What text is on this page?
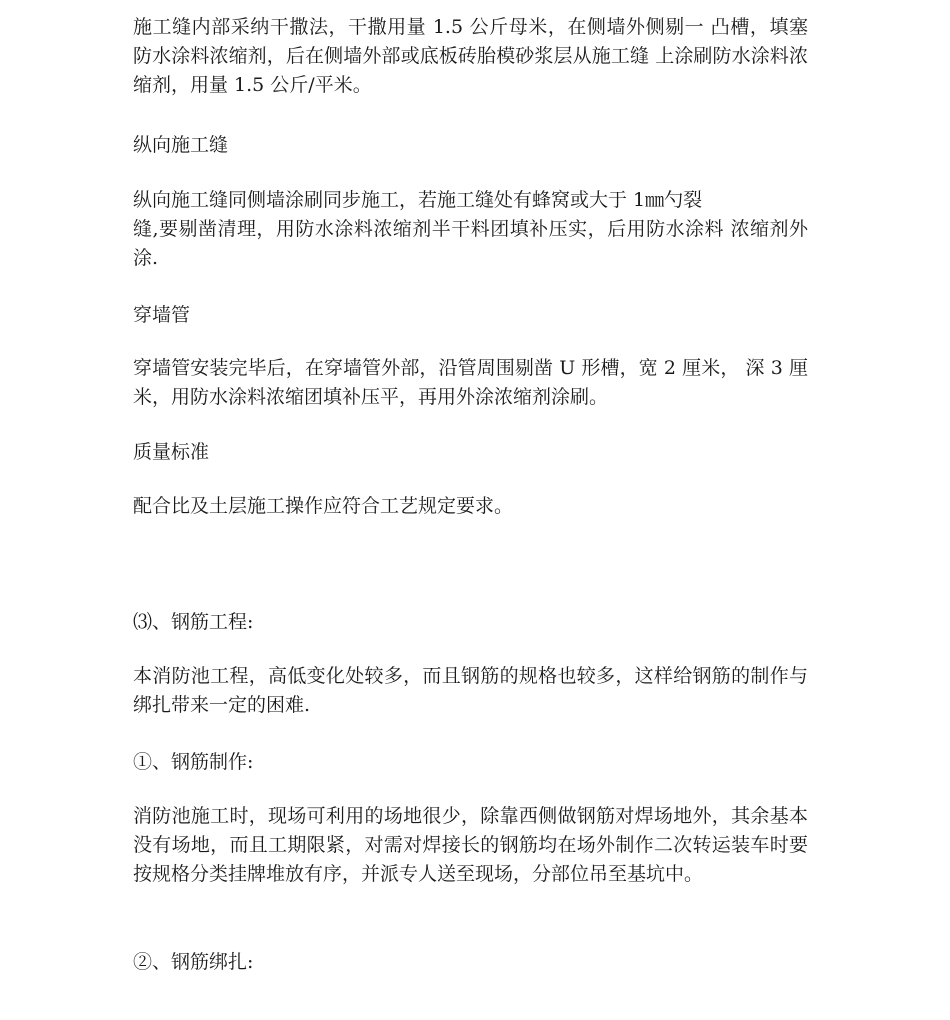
施工缝内部采纳干撒法，干撒用量 1.5 公斤母米，在侧墙外侧剔一 凸槽，填塞防水涂料浓缩剂，后在侧墙外部或底板砖胎模砂浆层从施工缝 上涂刷防水涂料浓缩剂，用量 1.5 公斤/平米。

纵向施工缝

纵向施工缝同侧墙涂刷同步施工，若施工缝处有蜂窝或大于 1㎜勺裂

缝,要剔凿清理，用防水涂料浓缩剂半干料团填补压实，后用防水涂料 浓缩剂外涂.

穿墙管

穿墙管安装完毕后，在穿墙管外部，沿管周围剔凿 U 形槽，宽 2 厘米， 深 3 厘米，用防水涂料浓缩团填补压平，再用外涂浓缩剂涂刷。

质量标准

配合比及土层施工操作应符合工艺规定要求。

⑶、钢筋工程:

本消防池工程，高低变化处较多，而且钢筋的规格也较多，这样给钢筋的制作与绑扎带来一定的困难.

①、钢筋制作:

消防池施工时，现场可利用的场地很少，除靠西侧做钢筋对焊场地外，其余基本没有场地，而且工期限紧，对需对焊接长的钢筋均在场外制作二次转运装车时要按规格分类挂牌堆放有序，并派专人送至现场，分部位吊至基坑中。

②、钢筋绑扎:
